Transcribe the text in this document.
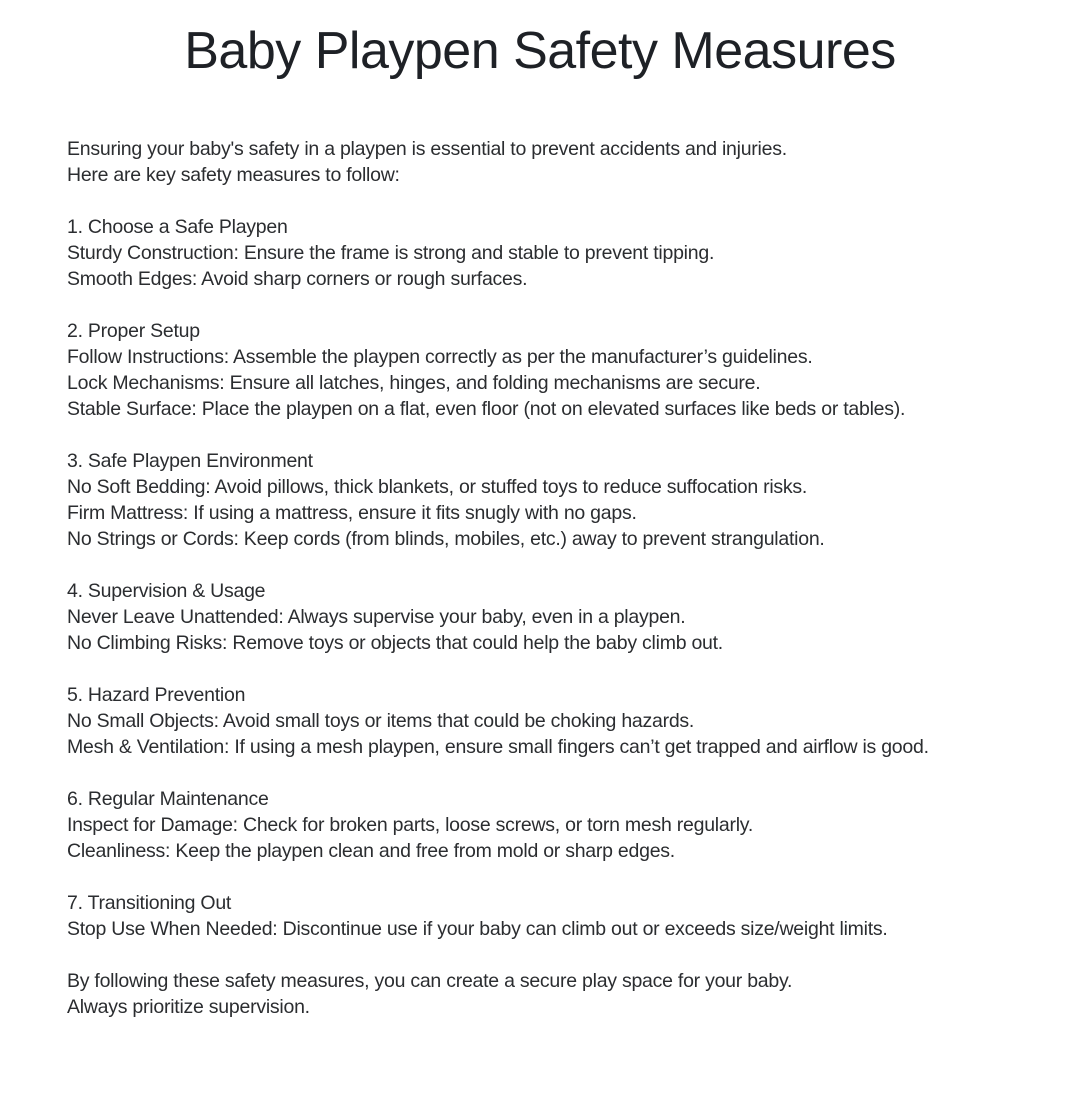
Baby Playpen Safety Measures

Ensuring your baby's safety in a playpen is essential to prevent accidents and injuries.
Here are key safety measures to follow:

1. Choose a Safe Playpen
Sturdy Construction: Ensure the frame is strong and stable to prevent tipping.
Smooth Edges: Avoid sharp corners or rough surfaces.

2. Proper Setup
Follow Instructions: Assemble the playpen correctly as per the manufacturer’s guidelines.
Lock Mechanisms: Ensure all latches, hinges, and folding mechanisms are secure.
Stable Surface: Place the playpen on a flat, even floor (not on elevated surfaces like beds or tables).

3. Safe Playpen Environment
No Soft Bedding: Avoid pillows, thick blankets, or stuffed toys to reduce suffocation risks.
Firm Mattress: If using a mattress, ensure it fits snugly with no gaps.
No Strings or Cords: Keep cords (from blinds, mobiles, etc.) away to prevent strangulation.

4. Supervision & Usage
Never Leave Unattended: Always supervise your baby, even in a playpen.
No Climbing Risks: Remove toys or objects that could help the baby climb out.

5. Hazard Prevention
No Small Objects: Avoid small toys or items that could be choking hazards.
Mesh & Ventilation: If using a mesh playpen, ensure small fingers can’t get trapped and airflow is good.

6. Regular Maintenance
Inspect for Damage: Check for broken parts, loose screws, or torn mesh regularly.
Cleanliness: Keep the playpen clean and free from mold or sharp edges.

7. Transitioning Out
Stop Use When Needed: Discontinue use if your baby can climb out or exceeds size/weight limits.

By following these safety measures, you can create a secure play space for your baby.
Always prioritize supervision.
